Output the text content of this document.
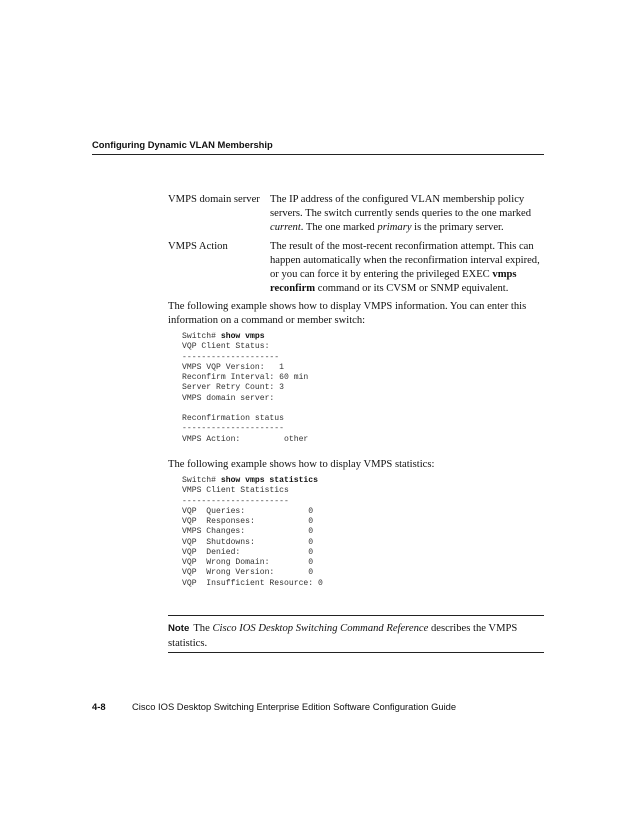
Configuring Dynamic VLAN Membership
VMPS domain server The IP address of the configured VLAN membership policy servers. The switch currently sends queries to the one marked current. The one marked primary is the primary server.
VMPS Action	The result of the most-recent reconfirmation attempt. This can happen automatically when the reconfirmation interval expired, or you can force it by entering the privileged EXEC vmps reconfirm command or its CVSM or SNMP equivalent.
The following example shows how to display VMPS information. You can enter this information on a command or member switch:
Switch# show vmps
VQP Client Status:
--------------------
VMPS VQP Version:   1
Reconfirm Interval: 60 min
Server Retry Count: 3
VMPS domain server:

Reconfirmation status
---------------------
VMPS Action:         other
The following example shows how to display VMPS statistics:
Switch# show vmps statistics
VMPS Client Statistics
----------------------
VQP  Queries:             0
VQP  Responses:           0
VMPS Changes:             0
VQP  Shutdowns:           0
VQP  Denied:              0
VQP  Wrong Domain:        0
VQP  Wrong Version:       0
VQP  Insufficient Resource: 0
Note The Cisco IOS Desktop Switching Command Reference describes the VMPS statistics.
4-8	Cisco IOS Desktop Switching Enterprise Edition Software Configuration Guide
